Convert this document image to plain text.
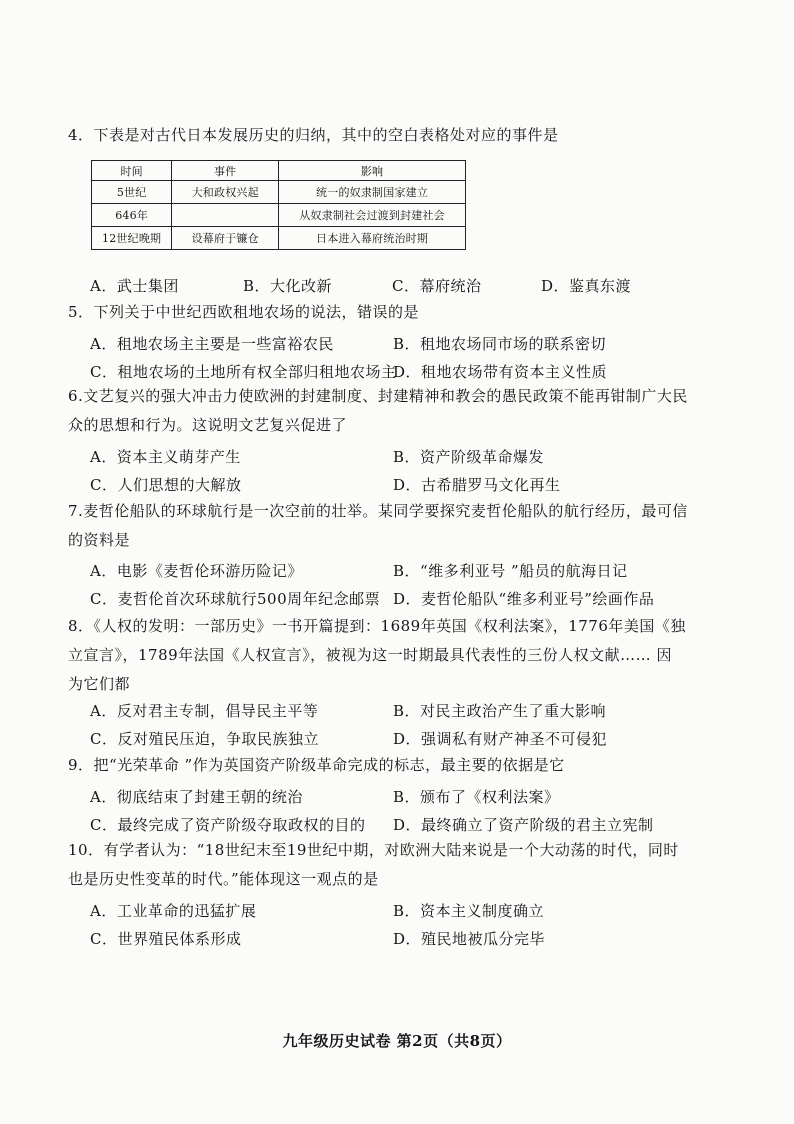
4．下表是对古代日本发展历史的归纳，其中的空白表格处对应的事件是
时间	事件	影响
5世纪	大和政权兴起	统一的奴隶制国家建立
646年		从奴隶制社会过渡到封建社会
12世纪晚期	设幕府于镰仓	日本进入幕府统治时期
A．武士集团	B．大化改新	C．幕府统治	D．鉴真东渡
5．下列关于中世纪西欧租地农场的说法，错误的是
A．租地农场主主要是一些富裕农民	B．租地农场同市场的联系密切
C．租地农场的土地所有权全部归租地农场主
D．租地农场带有资本主义性质
6.文艺复兴的强大冲击力使欧洲的封建制度、封建精神和教会的愚民政策不能再钳制广大民
众的思想和行为。这说明文艺复兴促进了
A．资本主义萌芽产生	B．资产阶级革命爆发
C．人们思想的大解放	D．古希腊罗马文化再生
7.麦哲伦船队的环球航行是一次空前的壮举。某同学要探究麦哲伦船队的航行经历，最可信
的资料是
A．电影《麦哲伦环游历险记》	B．“维多利亚号 ”船员的航海日记
C．麦哲伦首次环球航行500周年纪念邮票 D．麦哲伦船队“维多利亚号”绘画作品
8．《人权的发明：一部历史》一书开篇提到：1689年英国《权利法案》，1776年美国《独
立宣言》，1789年法国《人权宣言》，被视为这一时期最具代表性的三份人权文献…… 因
为它们都
A．反对君主专制，倡导民主平等	B．对民主政治产生了重大影响
C．反对殖民压迫，争取民族独立	D．强调私有财产神圣不可侵犯
9．把“光荣革命 ”作为英国资产阶级革命完成的标志，最主要的依据是它
A．彻底结束了封建王朝的统治	B．颁布了《权利法案》
C．最终完成了资产阶级夺取政权的目的 D．最终确立了资产阶级的君主立宪制
10．有学者认为：“18世纪末至19世纪中期，对欧洲大陆来说是一个大动荡的时代，同时
也是历史性变革的时代。”能体现这一观点的是
A．工业革命的迅猛扩展	B．资本主义制度确立
C．世界殖民体系形成	D．殖民地被瓜分完毕
九年级历史试卷 第2页（共8页）
